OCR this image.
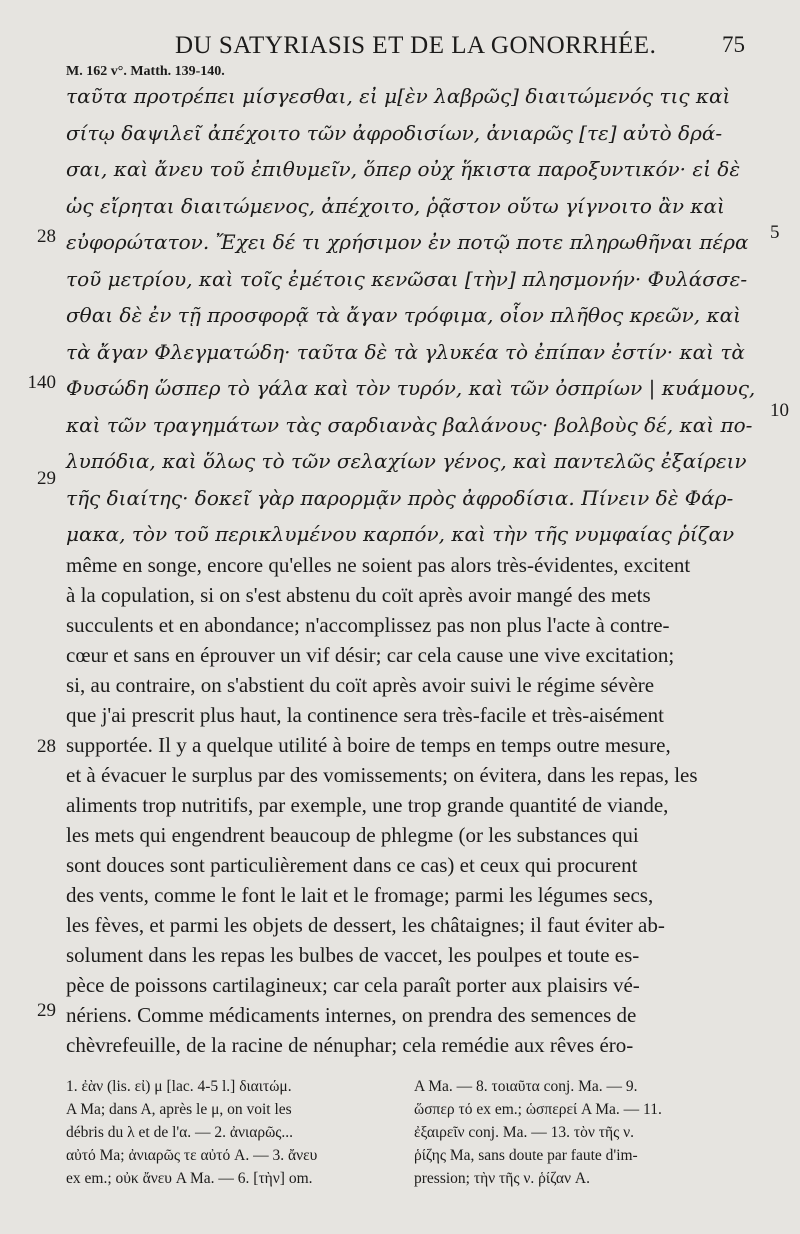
DU SATYRIASIS ET DE LA GONORRHÉE.	75
M. 162 v°. Matth. 139-140.
ταῦτα προτρέπει μίσγεσθαι, εἰ μ[ὲν λαβρῶς] διαιτώμενός τις καὶ
σίτῳ δαψιλεῖ ἀπέχοιτο τῶν ἀφροδισίων, ἀνιαρῶς [τε] αὐτὸ δρά-
σαι, καὶ ἄνευ τοῦ ἐπιθυμεῖν, ὅπερ οὐχ ἥκιστα παροξυντικόν· εἰ δὲ
ὡς εἴρηται διαιτώμενος, ἀπέχοιτο, ῥᾷστον οὕτω γίγνοιτο ἂν καὶ
εὐφορώτατον. Ἔχει δέ τι χρήσιμον ἐν ποτῷ ποτε πληρωθῆναι πέρα
τοῦ μετρίου, καὶ τοῖς ἐμέτοις κενῶσαι [τὴν] πλησμονήν· Φυλάσσε-
σθαι δὲ ἐν τῇ προσφορᾷ τὰ ἄγαν τρόφιμα, οἷον πλῆθος κρεῶν, καὶ
τὰ ἄγαν Φλεγματώδη· ταῦτα δὲ τὰ γλυκέα τὸ ἐπίπαν ἐστίν· καὶ τὰ
Φυσώδη ὥσπερ τὸ γάλα καὶ τὸν τυρόν, καὶ τῶν ὀσπρίων | κυάμους,
καὶ τῶν τραγημάτων τὰς σαρδιανὰς βαλάνους· βολβοὺς δέ, καὶ πο-
λυπόδια, καὶ ὅλως τὸ τῶν σελαχίων γένος, καὶ παντελῶς ἐξαίρειν
τῆς διαίτης· δοκεῖ γὰρ παρορμᾷν πρὸς ἀφροδίσια. Πίνειν δὲ Φάρ-
μακα, τὸν τοῦ περικλυμένου καρπόν, καὶ τὴν τῆς νυμφαίας ῥίζαν
28
140
29
5
10
même en songe, encore qu'elles ne soient pas alors très-évidentes, excitent
à la copulation, si on s'est abstenu du coït après avoir mangé des mets
succulents et en abondance; n'accomplissez pas non plus l'acte à contre-
cœur et sans en éprouver un vif désir; car cela cause une vive excitation;
si, au contraire, on s'abstient du coït après avoir suivi le régime sévère
que j'ai prescrit plus haut, la continence sera très-facile et très-aisément
supportée. Il y a quelque utilité à boire de temps en temps outre mesure,
et à évacuer le surplus par des vomissements; on évitera, dans les repas, les
aliments trop nutritifs, par exemple, une trop grande quantité de viande,
les mets qui engendrent beaucoup de phlegme (or les substances qui
sont douces sont particulièrement dans ce cas) et ceux qui procurent
des vents, comme le font le lait et le fromage; parmi les légumes secs,
les fèves, et parmi les objets de dessert, les châtaignes; il faut éviter ab-
solument dans les repas les bulbes de vaccet, les poulpes et toute es-
pèce de poissons cartilagineux; car cela paraît porter aux plaisirs vé-
nériens. Comme médicaments internes, on prendra des semences de
chèvrefeuille, de la racine de nénuphar; cela remédie aux rêves éro-
28
29
1. ἐὰν (lis. εἰ) μ [lac. 4-5 l.] διαιτώμ.
A Ma; dans A, après le μ, on voit les
débris du λ et de l'α. — 2. ἀνιαρῶς...
αὐτό Ma; ἀνιαρῶς τε αὐτό A. — 3. ἄνευ
ex em.; οὐκ ἄνευ A Ma. — 6. [τὴν] om.
A Ma. — 8. τοιαῦτα conj. Ma. — 9.
ὥσπερ τό ex em.; ὡσπερεί A Ma. — 11.
ἐξαιρεῖν conj. Ma. — 13. τὸν τῆς ν.
ῥίζης Ma, sans doute par faute d'im-
pression; τὴν τῆς ν. ῥίζαν A.
